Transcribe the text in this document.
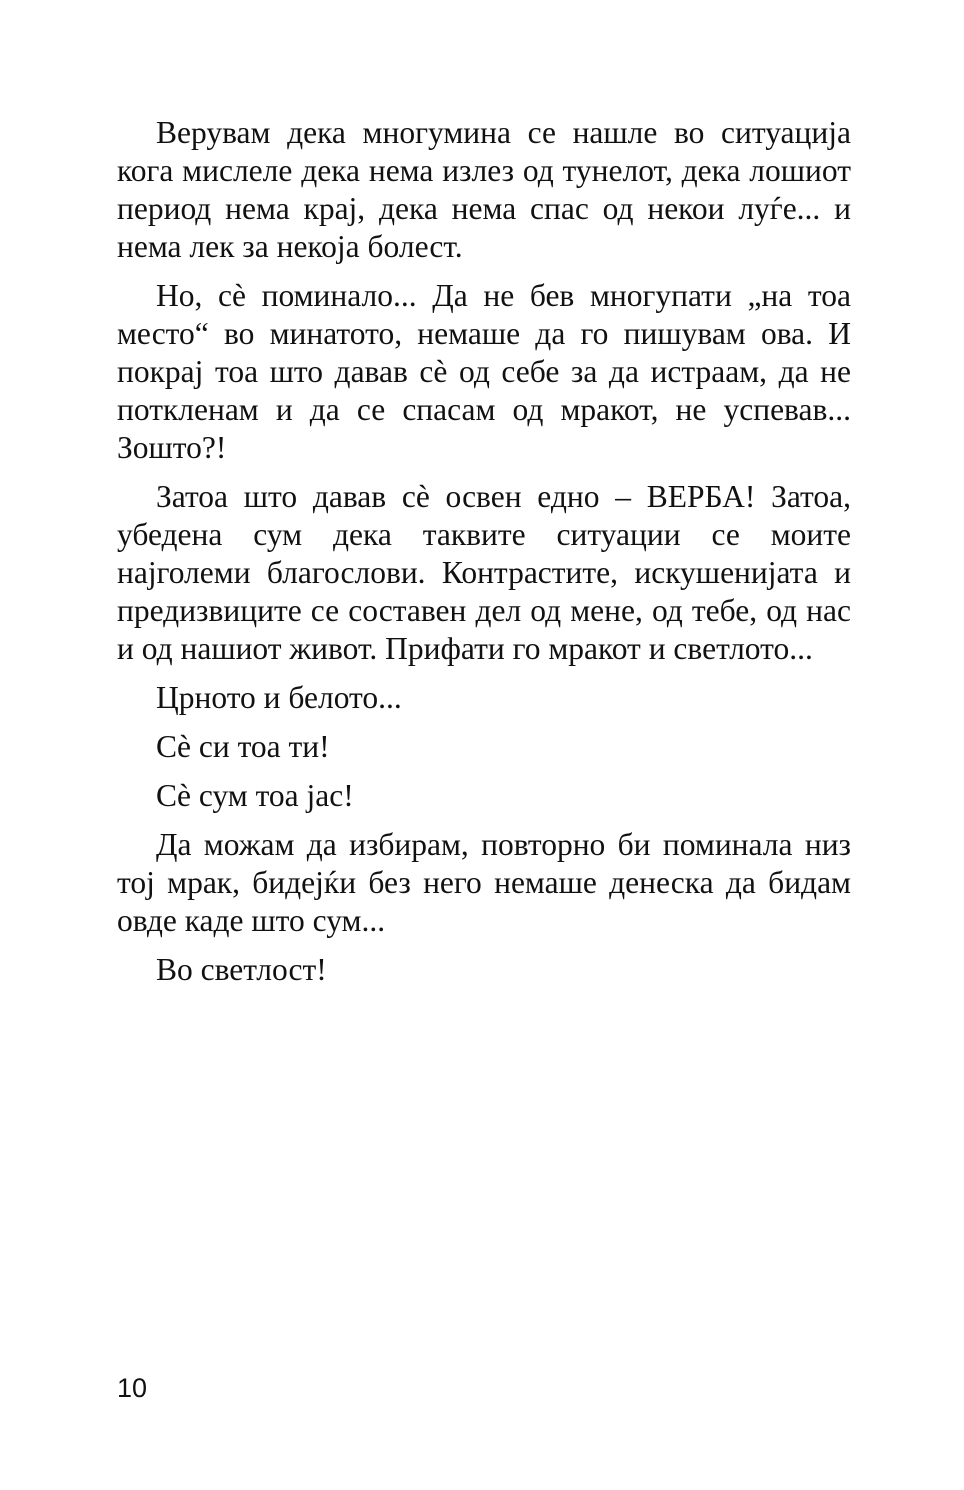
Верувам дека многумина се нашле во ситуација кога мислеле дека нема излез од тунелот, дека лошиот период нема крај, дека нема спас од некои луѓе... и нема лек за некоја болест.

Но, сѐ поминало... Да не бев многупати „на тоа место“ во минатото, немаше да го пишувам ова. И покрај тоа што давав сѐ од себе за да истраам, да не поткленам и да се спасам од мракот, не успевав... Зошто?!

Затоа што давав сѐ освен едно – ВЕРБА! Затоа, убедена сум дека таквите ситуации се моите најголеми благослови. Контрастите, искушенијата и предизвиците се составен дел од мене, од тебе, од нас и од нашиот живот. Прифати го мракот и светлото...

Црното и белото...

Сѐ си тоа ти!

Сѐ сум тоа јас!

Да можам да избирам, повторно би поминала низ тој мрак, бидејќи без него немаше денеска да бидам овде каде што сум...

Во светлост!

10
